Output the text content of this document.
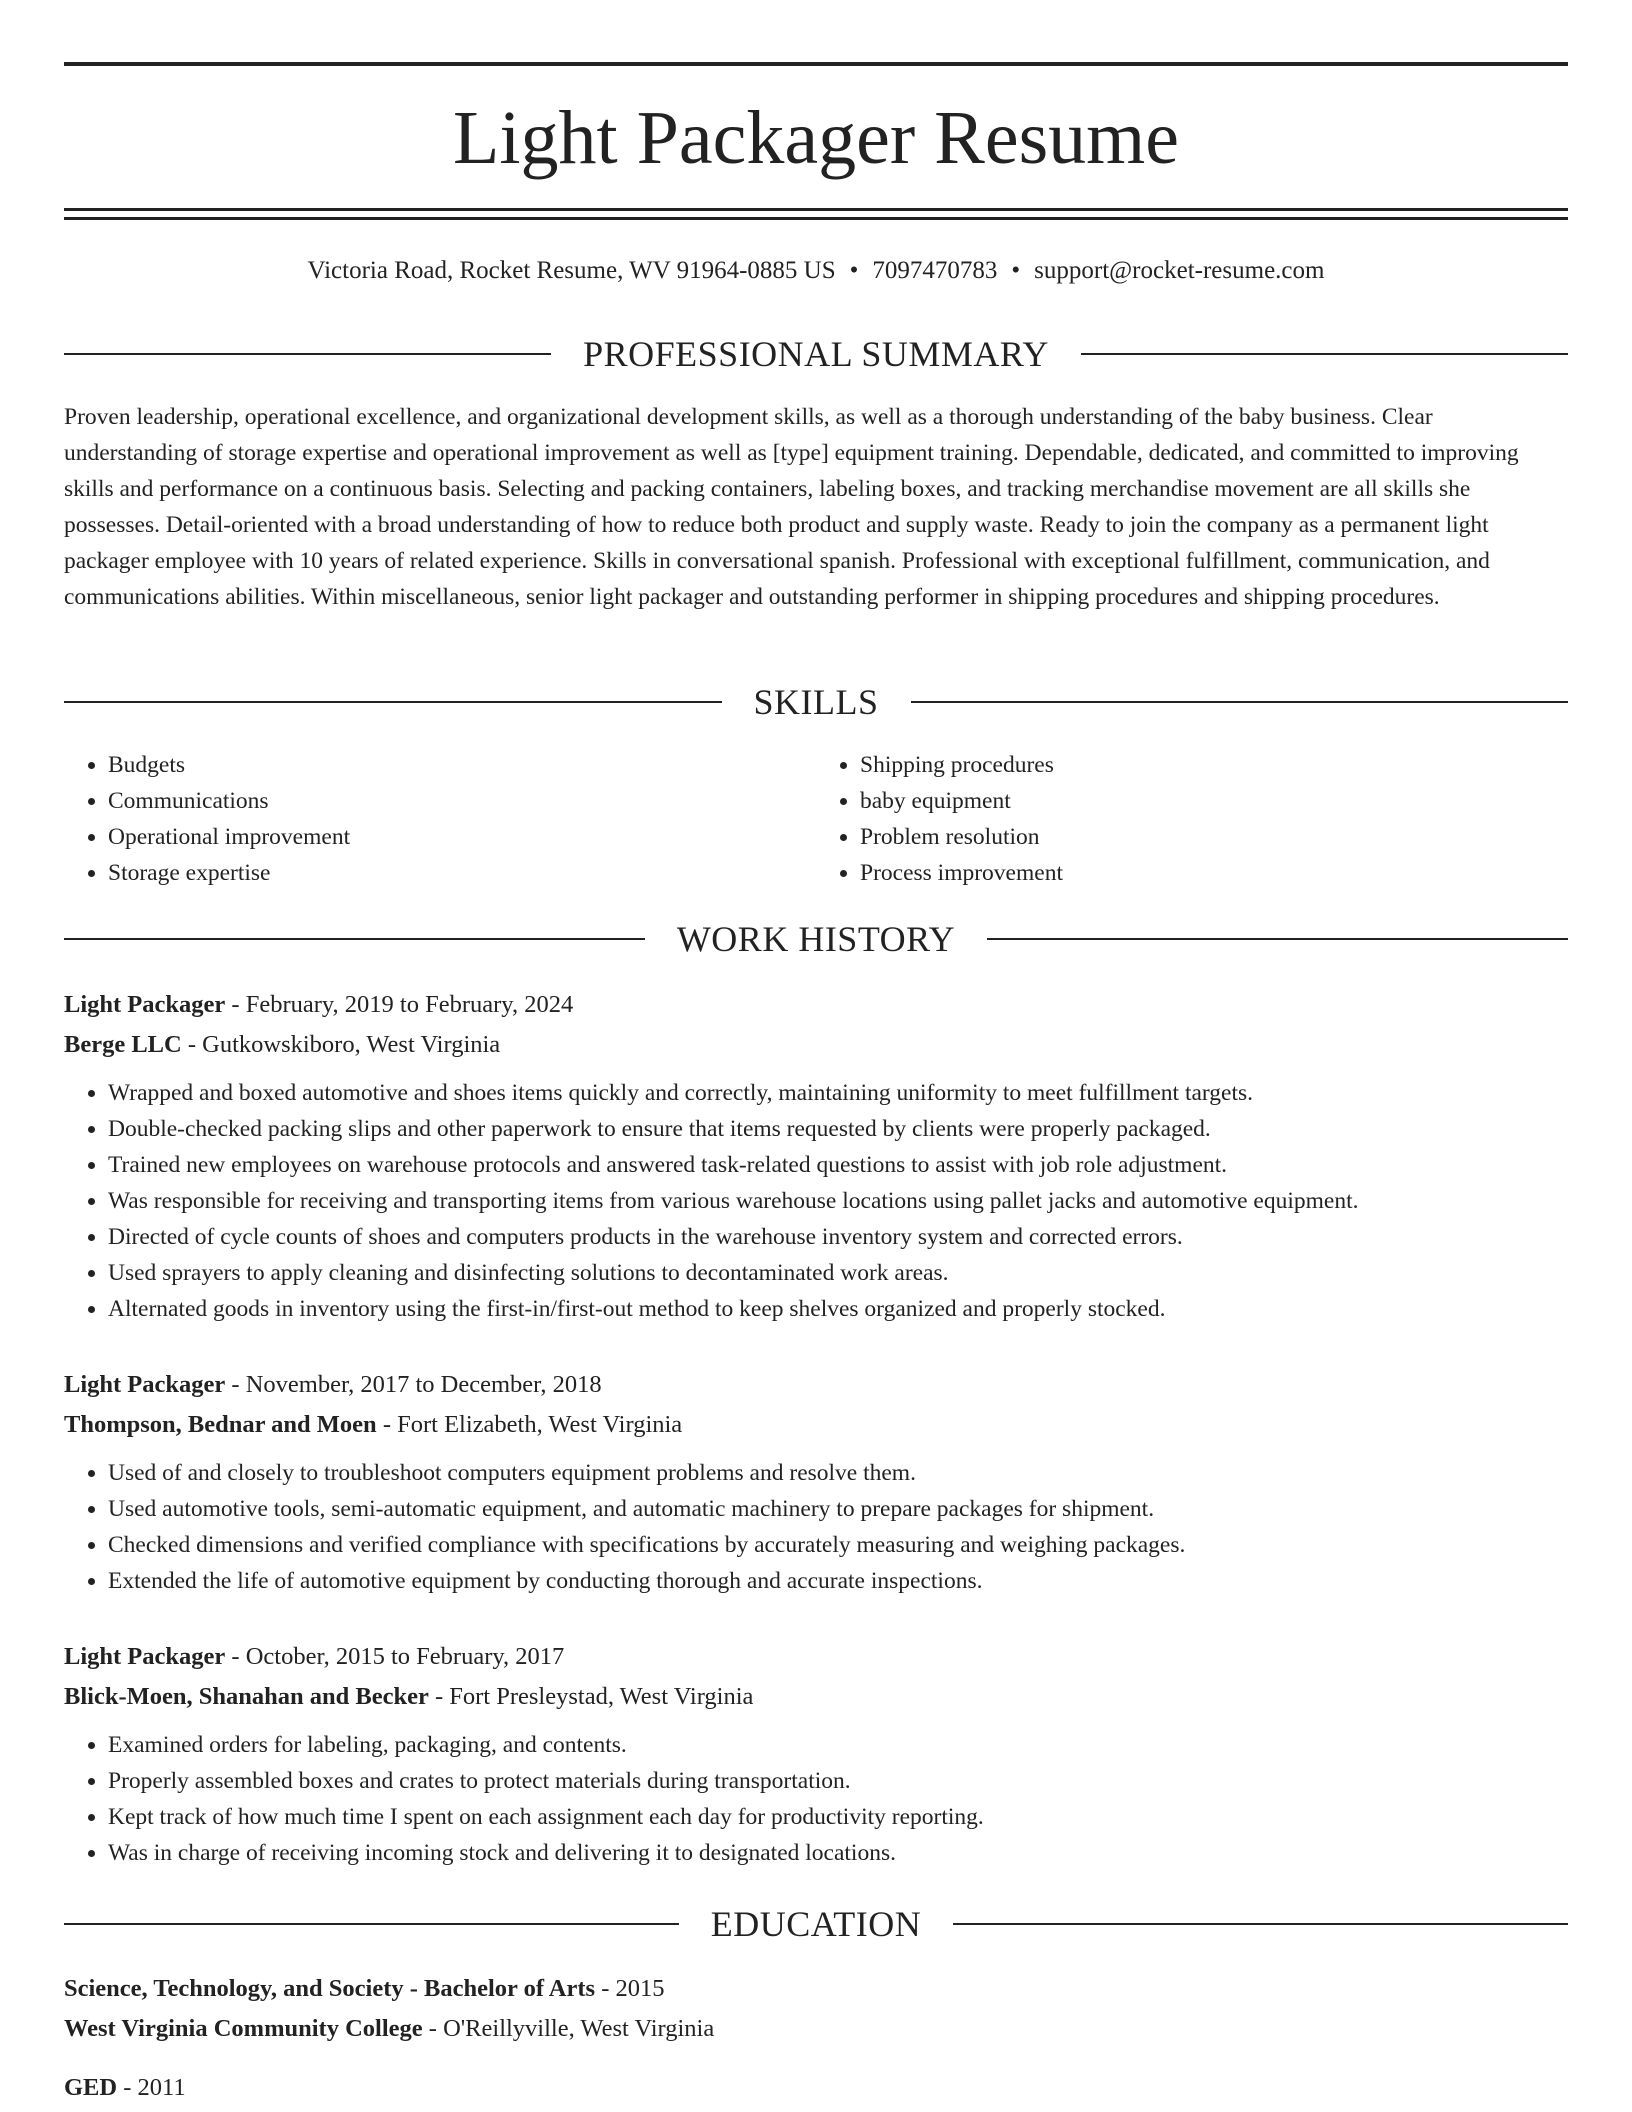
Light Packager Resume
Victoria Road, Rocket Resume, WV 91964-0885 US • 7097470783 • support@rocket-resume.com
PROFESSIONAL SUMMARY

Proven leadership, operational excellence, and organizational development skills, as well as a thorough understanding of the baby business. Clear understanding of storage expertise and operational improvement as well as [type] equipment training. Dependable, dedicated, and committed to improving skills and performance on a continuous basis. Selecting and packing containers, labeling boxes, and tracking merchandise movement are all skills she possesses. Detail-oriented with a broad understanding of how to reduce both product and supply waste. Ready to join the company as a permanent light packager employee with 10 years of related experience. Skills in conversational spanish. Professional with exceptional fulfillment, communication, and communications abilities. Within miscellaneous, senior light packager and outstanding performer in shipping procedures and shipping procedures.

SKILLS
• Budgets
• Communications
• Operational improvement
• Storage expertise
• Shipping procedures
• baby equipment
• Problem resolution
• Process improvement
WORK HISTORY
Light Packager - February, 2019 to February, 2024
Berge LLC - Gutkowskiboro, West Virginia
• Wrapped and boxed automotive and shoes items quickly and correctly, maintaining uniformity to meet fulfillment targets.
• Double-checked packing slips and other paperwork to ensure that items requested by clients were properly packaged.
• Trained new employees on warehouse protocols and answered task-related questions to assist with job role adjustment.
• Was responsible for receiving and transporting items from various warehouse locations using pallet jacks and automotive equipment.
• Directed of cycle counts of shoes and computers products in the warehouse inventory system and corrected errors.
• Used sprayers to apply cleaning and disinfecting solutions to decontaminated work areas.
• Alternated goods in inventory using the first-in/first-out method to keep shelves organized and properly stocked.
Light Packager - November, 2017 to December, 2018
Thompson, Bednar and Moen - Fort Elizabeth, West Virginia
• Used of and closely to troubleshoot computers equipment problems and resolve them.
• Used automotive tools, semi-automatic equipment, and automatic machinery to prepare packages for shipment.
• Checked dimensions and verified compliance with specifications by accurately measuring and weighing packages.
• Extended the life of automotive equipment by conducting thorough and accurate inspections.
Light Packager - October, 2015 to February, 2017
Blick-Moen, Shanahan and Becker - Fort Presleystad, West Virginia
• Examined orders for labeling, packaging, and contents.
• Properly assembled boxes and crates to protect materials during transportation.
• Kept track of how much time I spent on each assignment each day for productivity reporting.
• Was in charge of receiving incoming stock and delivering it to designated locations.
EDUCATION
Science, Technology, and Society - Bachelor of Arts - 2015
West Virginia Community College - O'Reillyville, West Virginia
GED - 2011
